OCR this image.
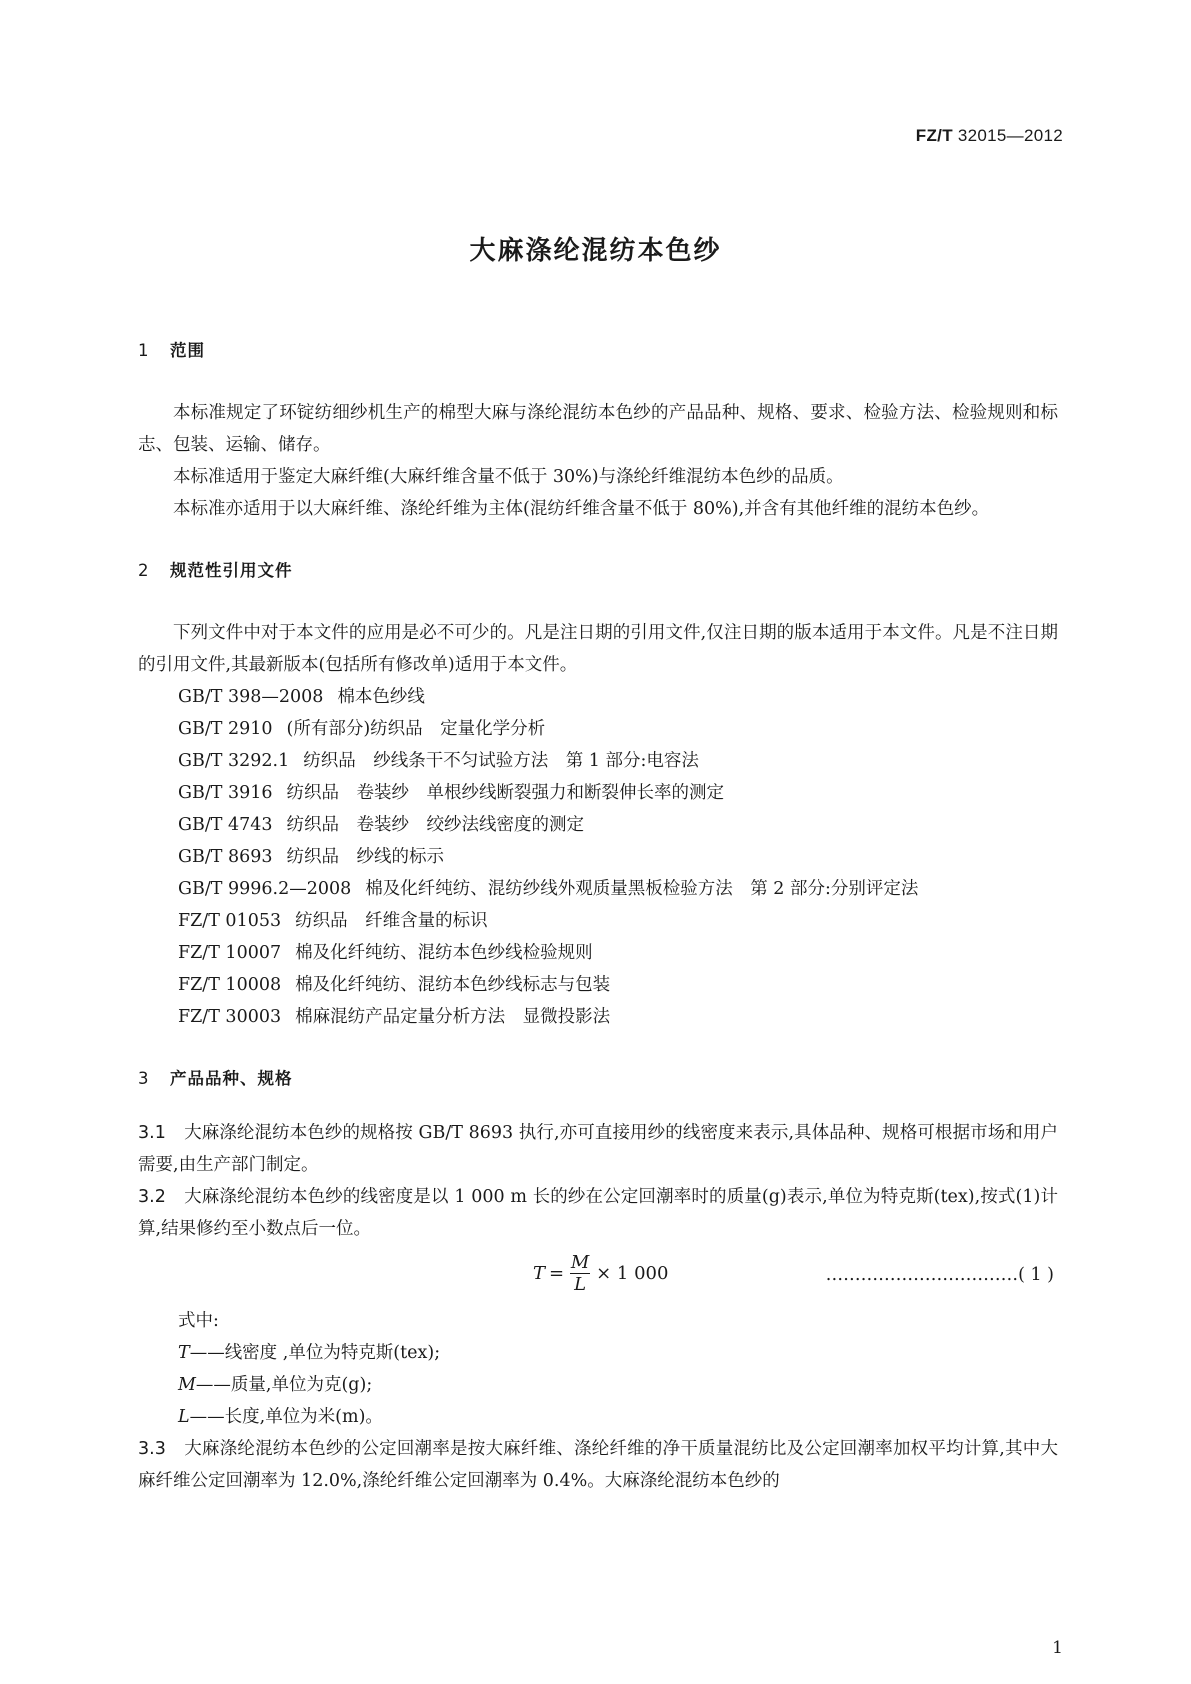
FZ/T 32015—2012
大麻涤纶混纺本色纱
1 范围
本标准规定了环锭纺细纱机生产的棉型大麻与涤纶混纺本色纱的产品品种、规格、要求、检验方法、检验规则和标志、包装、运输、储存。
本标准适用于鉴定大麻纤维(大麻纤维含量不低于 30%)与涤纶纤维混纺本色纱的品质。
本标准亦适用于以大麻纤维、涤纶纤维为主体(混纺纤维含量不低于 80%),并含有其他纤维的混纺本色纱。
2 规范性引用文件
下列文件中对于本文件的应用是必不可少的。凡是注日期的引用文件,仅注日期的版本适用于本文件。凡是不注日期的引用文件,其最新版本(包括所有修改单)适用于本文件。
GB/T 398—2008 棉本色纱线
GB/T 2910 (所有部分)纺织品　定量化学分析
GB/T 3292.1 纺织品　纱线条干不匀试验方法　第 1 部分:电容法
GB/T 3916 纺织品　卷装纱　单根纱线断裂强力和断裂伸长率的测定
GB/T 4743 纺织品　卷装纱　绞纱法线密度的测定
GB/T 8693 纺织品　纱线的标示
GB/T 9996.2—2008 棉及化纤纯纺、混纺纱线外观质量黑板检验方法　第 2 部分:分别评定法
FZ/T 01053 纺织品　纤维含量的标识
FZ/T 10007 棉及化纤纯纺、混纺本色纱线检验规则
FZ/T 10008 棉及化纤纯纺、混纺本色纱线标志与包装
FZ/T 30003 棉麻混纺产品定量分析方法　显微投影法
3 产品品种、规格
3.1 大麻涤纶混纺本色纱的规格按 GB/T 8693 执行,亦可直接用纱的线密度来表示,具体品种、规格可根据市场和用户需要,由生产部门制定。
3.2 大麻涤纶混纺本色纱的线密度是以 1 000 m 长的纱在公定回潮率时的质量(g)表示,单位为特克斯(tex),按式(1)计算,结果修约至小数点后一位。
$T = \frac{M}{L} \times 1$ 000	……………………………( 1 )
式中:
T——线密度 ,单位为特克斯(tex);
M——质量,单位为克(g);
L——长度,单位为米(m)。
3.3 大麻涤纶混纺本色纱的公定回潮率是按大麻纤维、涤纶纤维的净干质量混纺比及公定回潮率加权平均计算,其中大麻纤维公定回潮率为 12.0%,涤纶纤维公定回潮率为 0.4%。大麻涤纶混纺本色纱的
1
